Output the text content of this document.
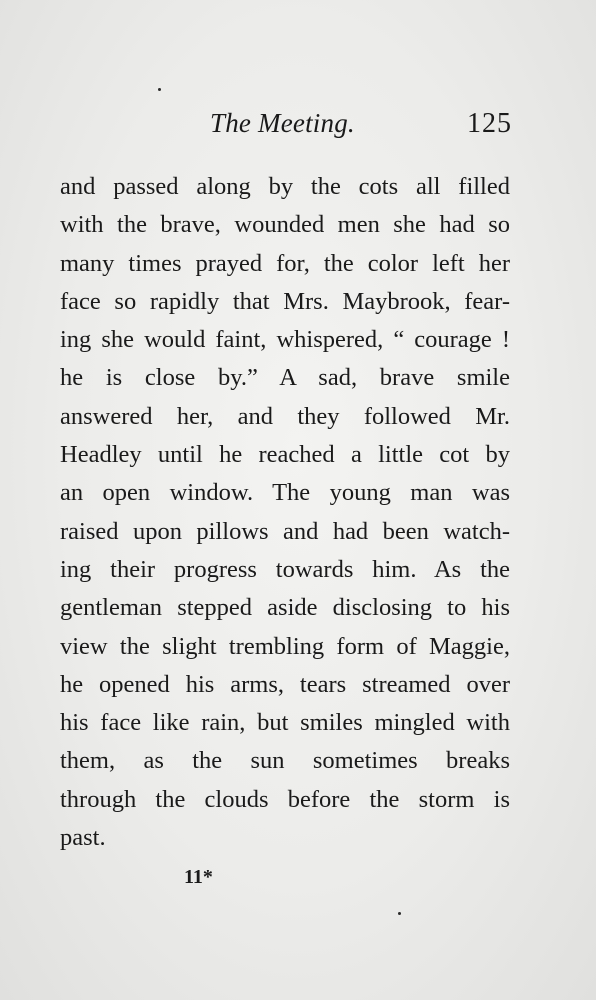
The Meeting.	125
and passed along by the cots all filled
with the brave, wounded men she had so
many times prayed for, the color left her
face so rapidly that Mrs. Maybrook, fear-
ing she would faint, whispered, “ courage !
he is close by.” A sad, brave smile
answered her, and they followed Mr.
Headley until he reached a little cot by
an open window. The young man was
raised upon pillows and had been watch-
ing their progress towards him. As the
gentleman stepped aside disclosing to his
view the slight trembling form of Maggie,
he opened his arms, tears streamed over
his face like rain, but smiles mingled with
them, as the sun sometimes breaks
through the clouds before the storm is
past.
11*
